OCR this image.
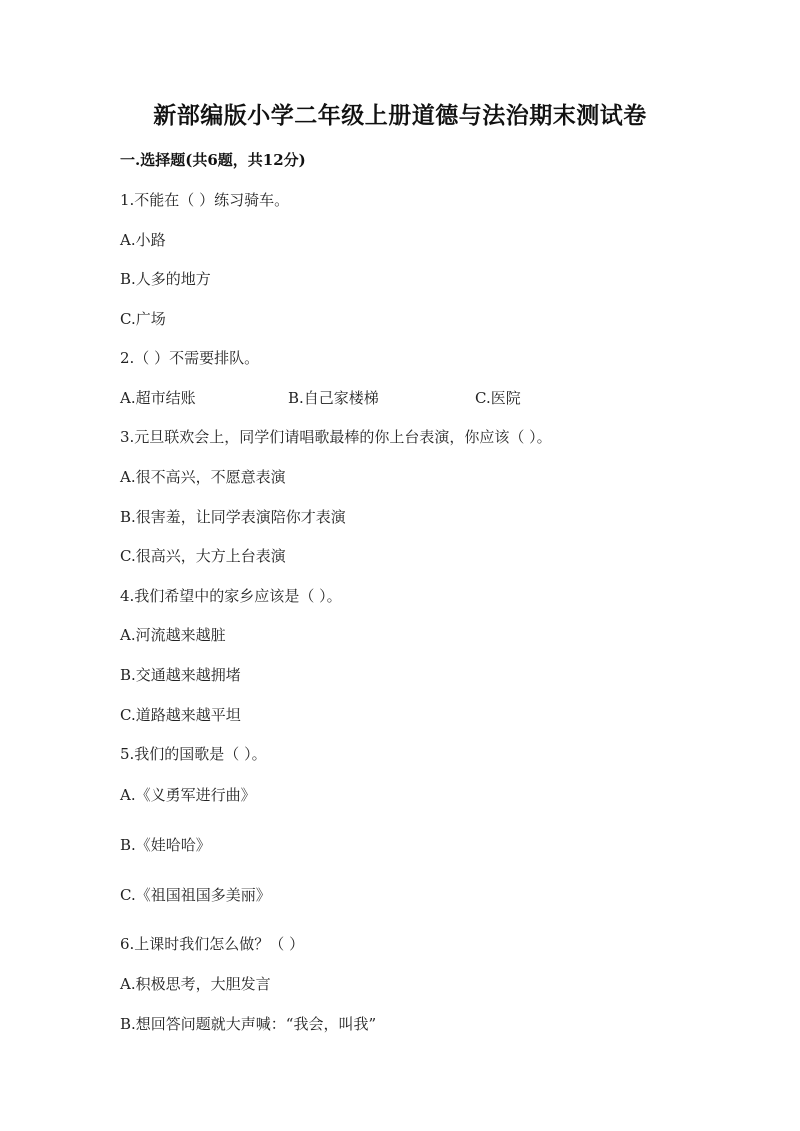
新部编版小学二年级上册道德与法治期末测试卷
一.选择题(共6题，共12分)
1.不能在（ ）练习骑车。
A.小路
B.人多的地方
C.广场
2.（ ）不需要排队。
A.超市结账	B.自己家楼梯	C.医院
3.元旦联欢会上，同学们请唱歌最棒的你上台表演，你应该（ ）。
A.很不高兴，不愿意表演
B.很害羞，让同学表演陪你才表演
C.很高兴，大方上台表演
4.我们希望中的家乡应该是（ ）。
A.河流越来越脏
B.交通越来越拥堵
C.道路越来越平坦
5.我们的国歌是（ ）。
A.《义勇军进行曲》
B.《娃哈哈》
C.《祖国祖国多美丽》
6.上课时我们怎么做？（ ）
A.积极思考，大胆发言
B.想回答问题就大声喊：“我会，叫我”
